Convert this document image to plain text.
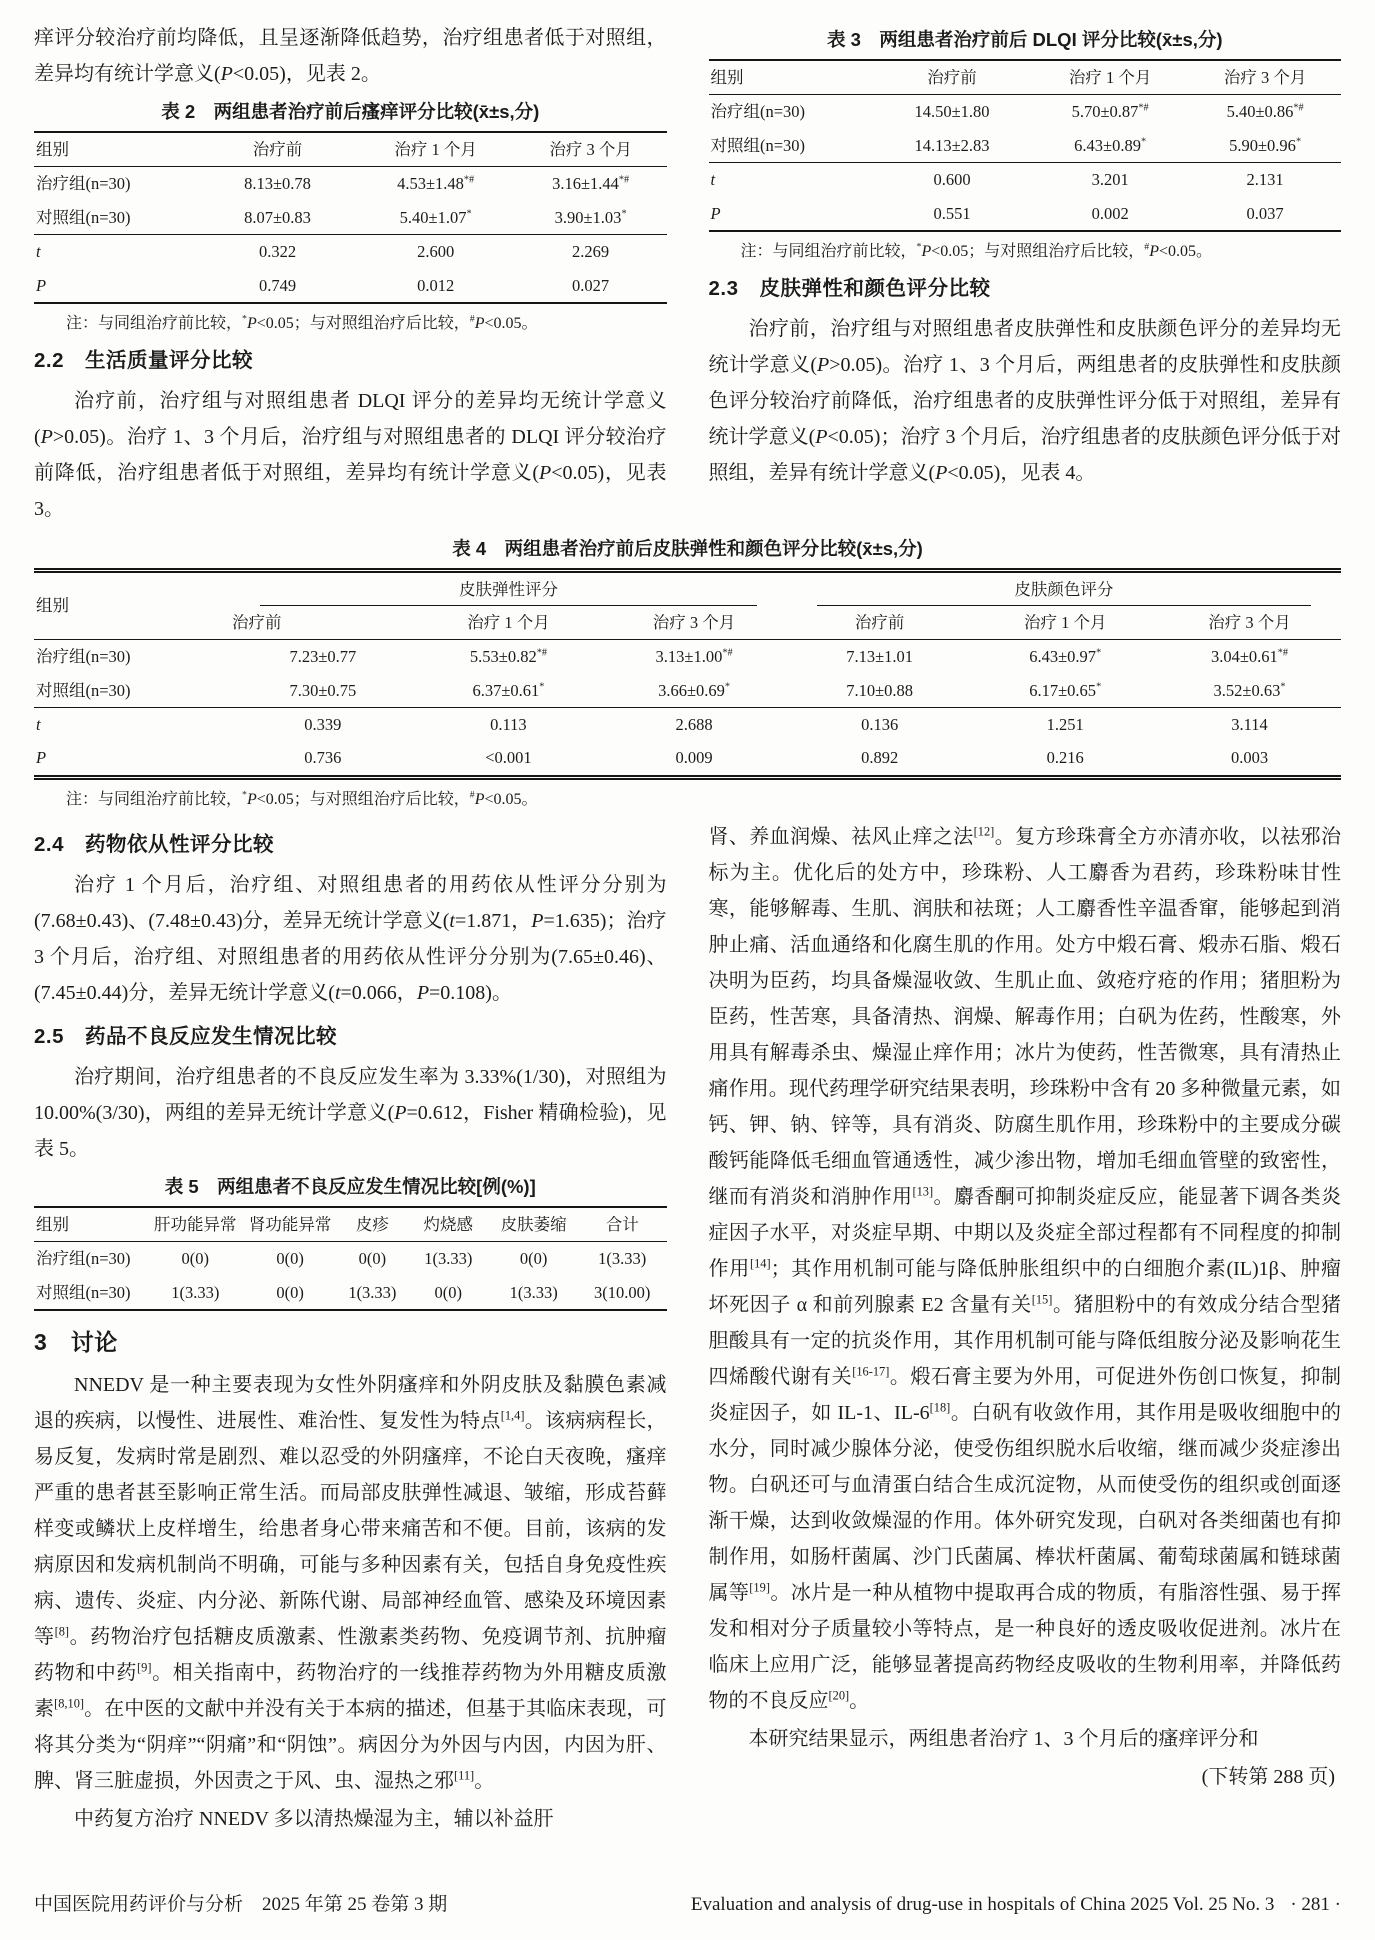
痒评分较治疗前均降低，且呈逐渐降低趋势，治疗组患者低于对照组，差异均有统计学意义(P<0.05)，见表 2。

表 2　两组患者治疗前后瘙痒评分比较(x̄±s,分)
组别	治疗前	治疗 1 个月	治疗 3 个月
治疗组(n=30)	8.13±0.78	4.53±1.48*#	3.16±1.44*#
对照组(n=30)	8.07±0.83	5.40±1.07*	3.90±1.03*
t	0.322	2.600	2.269
P	0.749	0.012	0.027
注：与同组治疗前比较，*P<0.05；与对照组治疗后比较，#P<0.05。
2.2　生活质量评分比较

治疗前，治疗组与对照组患者 DLQI 评分的差异均无统计学意义(P>0.05)。治疗 1、3 个月后，治疗组与对照组患者的 DLQI 评分较治疗前降低，治疗组患者低于对照组，差异均有统计学意义(P<0.05)，见表 3。

表 3　两组患者治疗前后 DLQI 评分比较(x̄±s,分)
组别	治疗前	治疗 1 个月	治疗 3 个月
治疗组(n=30)	14.50±1.80	5.70±0.87*#	5.40±0.86*#
对照组(n=30)	14.13±2.83	6.43±0.89*	5.90±0.96*
t	0.600	3.201	2.131
P	0.551	0.002	0.037
注：与同组治疗前比较，*P<0.05；与对照组治疗后比较，#P<0.05。
2.3　皮肤弹性和颜色评分比较

治疗前，治疗组与对照组患者皮肤弹性和皮肤颜色评分的差异均无统计学意义(P>0.05)。治疗 1、3 个月后，两组患者的皮肤弹性和皮肤颜色评分较治疗前降低，治疗组患者的皮肤弹性评分低于对照组，差异有统计学意义(P<0.05)；治疗 3 个月后，治疗组患者的皮肤颜色评分低于对照组，差异有统计学意义(P<0.05)，见表 4。

表 4　两组患者治疗前后皮肤弹性和颜色评分比较(x̄±s,分)
组别	皮肤弹性评分			皮肤颜色评分		

	治疗前	治疗 1 个月	治疗 3 个月	治疗前	治疗 1 个月	治疗 3 个月
治疗组(n=30)	7.23±0.77	5.53±0.82*#	3.13±1.00*#	7.13±1.01	6.43±0.97*	3.04±0.61*#
对照组(n=30)	7.30±0.75	6.37±0.61*	3.66±0.69*	7.10±0.88	6.17±0.65*	3.52±0.63*
t	0.339	0.113	2.688	0.136	1.251	3.114
P	0.736	<0.001	0.009	0.892	0.216	0.003
注：与同组治疗前比较，*P<0.05；与对照组治疗后比较，#P<0.05。
2.4　药物依从性评分比较

治疗 1 个月后，治疗组、对照组患者的用药依从性评分分别为(7.68±0.43)、(7.48±0.43)分，差异无统计学意义(t=1.871，P=1.635)；治疗 3 个月后，治疗组、对照组患者的用药依从性评分分别为(7.65±0.46)、(7.45±0.44)分，差异无统计学意义(t=0.066，P=0.108)。

2.5　药品不良反应发生情况比较

治疗期间，治疗组患者的不良反应发生率为 3.33%(1/30)，对照组为 10.00%(3/30)，两组的差异无统计学意义(P=0.612，Fisher 精确检验)，见表 5。

表 5　两组患者不良反应发生情况比较[例(%)]
组别	肝功能异常	肾功能异常	皮疹	灼烧感	皮肤萎缩	合计
治疗组(n=30)	0(0)	0(0)	0(0)	1(3.33)	0(0)	1(3.33)
对照组(n=30)	1(3.33)	0(0)	1(3.33)	0(0)	1(3.33)	3(10.00)
3　讨论

NNEDV 是一种主要表现为女性外阴瘙痒和外阴皮肤及黏膜色素减退的疾病，以慢性、进展性、难治性、复发性为特点[1,4]。该病病程长，易反复，发病时常是剧烈、难以忍受的外阴瘙痒，不论白天夜晚，瘙痒严重的患者甚至影响正常生活。而局部皮肤弹性减退、皱缩，形成苔藓样变或鳞状上皮样增生，给患者身心带来痛苦和不便。目前，该病的发病原因和发病机制尚不明确，可能与多种因素有关，包括自身免疫性疾病、遗传、炎症、内分泌、新陈代谢、局部神经血管、感染及环境因素等[8]。药物治疗包括糖皮质激素、性激素类药物、免疫调节剂、抗肿瘤药物和中药[9]。相关指南中，药物治疗的一线推荐药物为外用糖皮质激素[8,10]。在中医的文献中并没有关于本病的描述，但基于其临床表现，可将其分类为“阴痒”“阴痛”和“阴蚀”。病因分为外因与内因，内因为肝、脾、肾三脏虚损，外因责之于风、虫、湿热之邪[11]。

中药复方治疗 NNEDV 多以清热燥湿为主，辅以补益肝

肾、养血润燥、祛风止痒之法[12]。复方珍珠膏全方亦清亦收，以祛邪治标为主。优化后的处方中，珍珠粉、人工麝香为君药，珍珠粉味甘性寒，能够解毒、生肌、润肤和祛斑；人工麝香性辛温香窜，能够起到消肿止痛、活血通络和化腐生肌的作用。处方中煅石膏、煅赤石脂、煅石决明为臣药，均具备燥湿收敛、生肌止血、敛疮疗疮的作用；猪胆粉为臣药，性苦寒，具备清热、润燥、解毒作用；白矾为佐药，性酸寒，外用具有解毒杀虫、燥湿止痒作用；冰片为使药，性苦微寒，具有清热止痛作用。现代药理学研究结果表明，珍珠粉中含有 20 多种微量元素，如钙、钾、钠、锌等，具有消炎、防腐生肌作用，珍珠粉中的主要成分碳酸钙能降低毛细血管通透性，减少渗出物，增加毛细血管壁的致密性，继而有消炎和消肿作用[13]。麝香酮可抑制炎症反应，能显著下调各类炎症因子水平，对炎症早期、中期以及炎症全部过程都有不同程度的抑制作用[14]；其作用机制可能与降低肿胀组织中的白细胞介素(IL)1β、肿瘤坏死因子 α 和前列腺素 E2 含量有关[15]。猪胆粉中的有效成分结合型猪胆酸具有一定的抗炎作用，其作用机制可能与降低组胺分泌及影响花生四烯酸代谢有关[16-17]。煅石膏主要为外用，可促进外伤创口恢复，抑制炎症因子，如 IL-1、IL-6[18]。白矾有收敛作用，其作用是吸收细胞中的水分，同时减少腺体分泌，使受伤组织脱水后收缩，继而减少炎症渗出物。白矾还可与血清蛋白结合生成沉淀物，从而使受伤的组织或创面逐渐干燥，达到收敛燥湿的作用。体外研究发现，白矾对各类细菌也有抑制作用，如肠杆菌属、沙门氏菌属、棒状杆菌属、葡萄球菌属和链球菌属等[19]。冰片是一种从植物中提取再合成的物质，有脂溶性强、易于挥发和相对分子质量较小等特点，是一种良好的透皮吸收促进剂。冰片在临床上应用广泛，能够显著提高药物经皮吸收的生物利用率，并降低药物的不良反应[20]。

本研究结果显示，两组患者治疗 1、3 个月后的瘙痒评分和

(下转第 288 页)
中国医院用药评价与分析　2025 年第 25 卷第 3 期	Evaluation and analysis of drug-use in hospitals of China 2025 Vol. 25 No. 3 · 281 ·
